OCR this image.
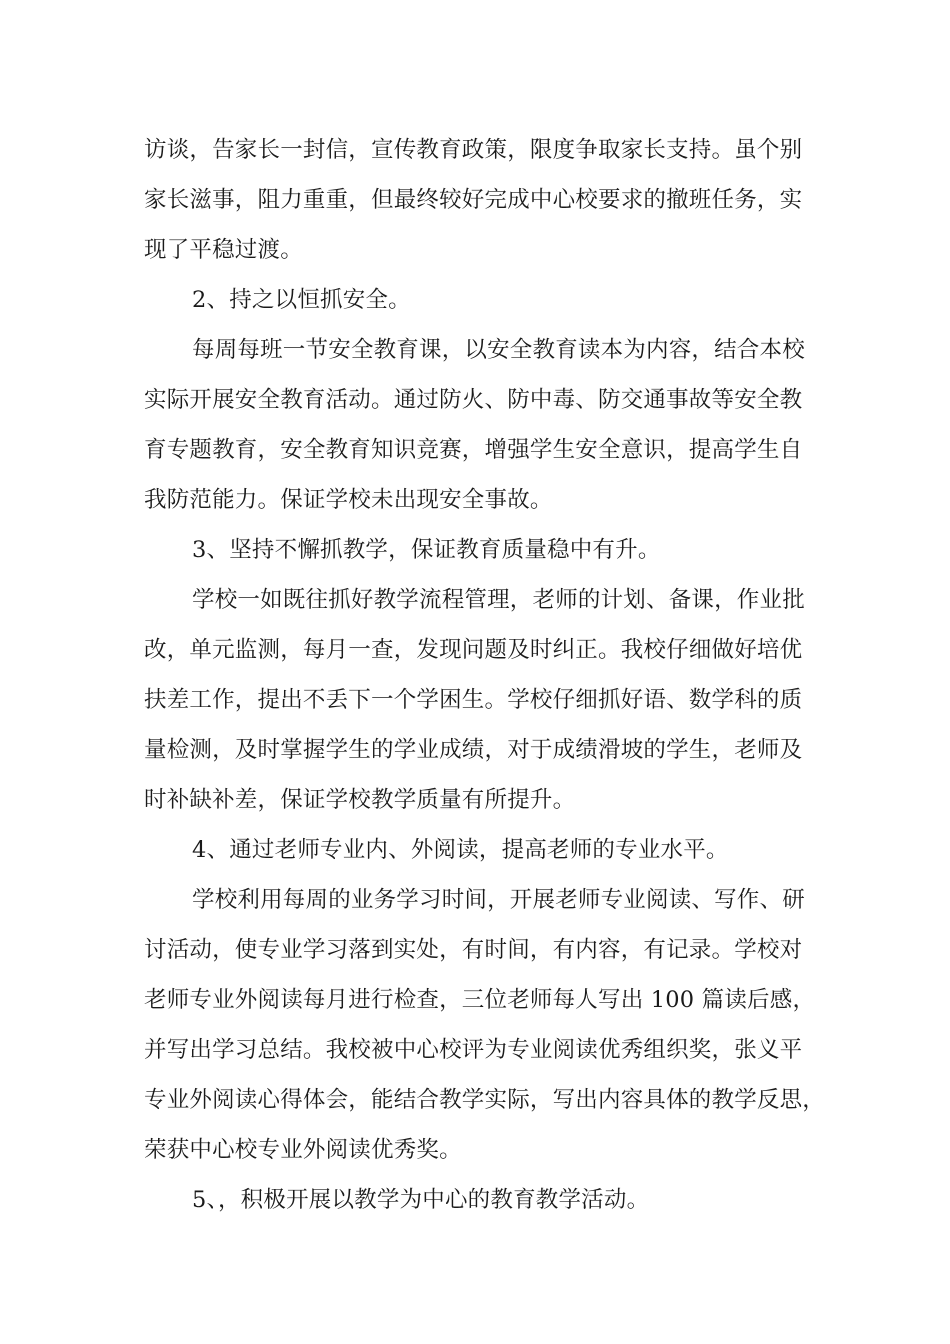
访谈，告家长一封信，宣传教育政策，限度争取家长支持。虽个别
家长滋事，阻力重重，但最终较好完成中心校要求的撤班任务，实
现了平稳过渡。
2、持之以恒抓安全。
每周每班一节安全教育课，以安全教育读本为内容，结合本校
实际开展安全教育活动。通过防火、防中毒、防交通事故等安全教
育专题教育，安全教育知识竞赛，增强学生安全意识，提高学生自
我防范能力。保证学校未出现安全事故。
3、坚持不懈抓教学，保证教育质量稳中有升。
学校一如既往抓好教学流程管理，老师的计划、备课，作业批
改，单元监测，每月一查，发现问题及时纠正。我校仔细做好培优
扶差工作，提出不丢下一个学困生。学校仔细抓好语、数学科的质
量检测，及时掌握学生的学业成绩，对于成绩滑坡的学生，老师及
时补缺补差，保证学校教学质量有所提升。
4、通过老师专业内、外阅读，提高老师的专业水平。
学校利用每周的业务学习时间，开展老师专业阅读、写作、研
讨活动，使专业学习落到实处，有时间，有内容，有记录。学校对
老师专业外阅读每月进行检查，三位老师每人写出 100 篇读后感，
并写出学习总结。我校被中心校评为专业阅读优秀组织奖，张义平
专业外阅读心得体会，能结合教学实际，写出内容具体的教学反思，
荣获中心校专业外阅读优秀奖。
5、，积极开展以教学为中心的教育教学活动。
